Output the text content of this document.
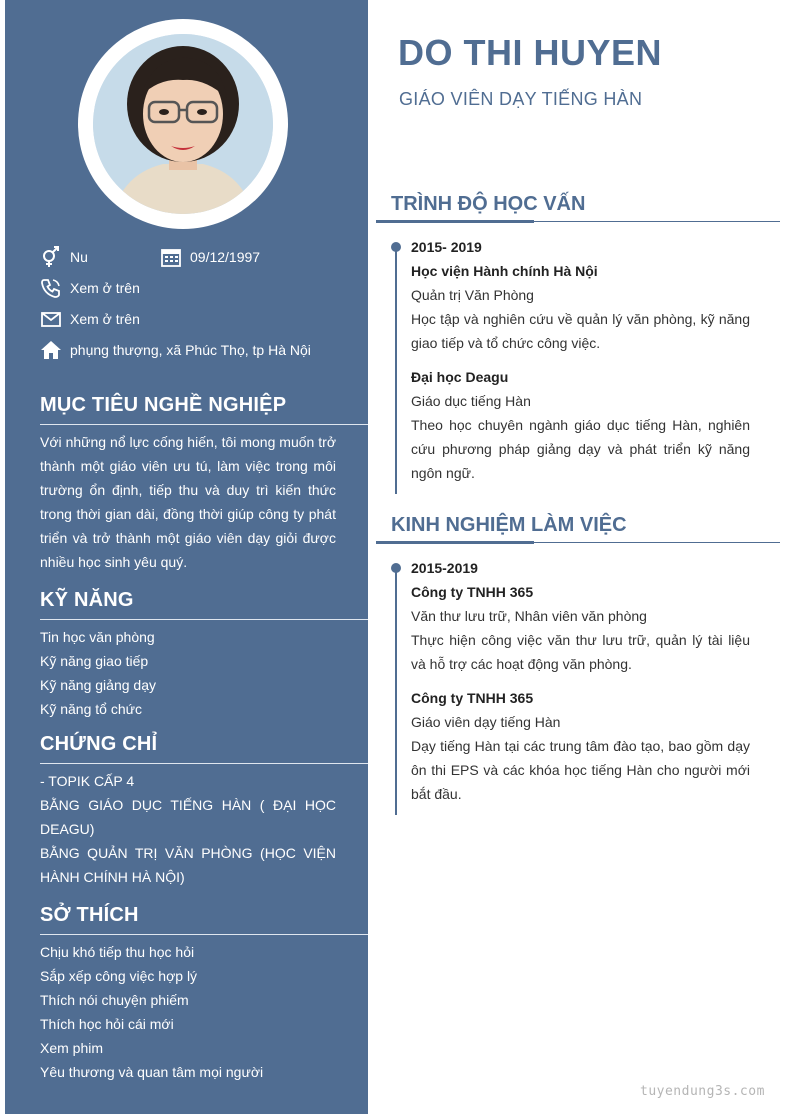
Nu	09/12/1997
Xem ở trên
Xem ở trên
phụng thượng, xã Phúc Thọ, tp Hà Nội
MỤC TIÊU NGHỀ NGHIỆP

Với những nổ lực cống hiến, tôi mong muốn trở thành một giáo viên ưu tú, làm việc trong môi trường ổn định, tiếp thu và duy trì kiến thức trong thời gian dài, đồng thời giúp công ty phát triển và trở thành một giáo viên dạy giỏi được nhiều học sinh yêu quý.

KỸ NĂNG
Tin học văn phòng
Kỹ năng giao tiếp
Kỹ năng giảng dạy
Kỹ năng tổ chức
CHỨNG CHỈ
- TOPIK CẤP 4
BẰNG GIÁO DỤC TIẾNG HÀN ( ĐẠI HỌC DEAGU)
BẰNG QUẢN TRỊ VĂN PHÒNG (HỌC VIỆN HÀNH CHÍNH HÀ NỘI)
SỞ THÍCH
Chịu khó tiếp thu học hỏi
Sắp xếp công việc hợp lý
Thích nói chuyện phiếm
Thích học hỏi cái mới
Xem phim
Yêu thương và quan tâm mọi người
DO THI HUYEN
GIÁO VIÊN DẠY TIẾNG HÀN
TRÌNH ĐỘ HỌC VẤN
2015- 2019
Học viện Hành chính Hà Nội
Quản trị Văn Phòng
Học tập và nghiên cứu về quản lý văn phòng, kỹ năng giao tiếp và tổ chức công việc.
Đại học Deagu
Giáo dục tiếng Hàn
Theo học chuyên ngành giáo dục tiếng Hàn, nghiên cứu phương pháp giảng dạy và phát triển kỹ năng ngôn ngữ.
KINH NGHIỆM LÀM VIỆC
2015-2019
Công ty TNHH 365
Văn thư lưu trữ, Nhân viên văn phòng
Thực hiện công việc văn thư lưu trữ, quản lý tài liệu và hỗ trợ các hoạt động văn phòng.
Công ty TNHH 365
Giáo viên dạy tiếng Hàn
Dạy tiếng Hàn tại các trung tâm đào tạo, bao gồm dạy ôn thi EPS và các khóa học tiếng Hàn cho người mới bắt đầu.
tuyendung3s.com
